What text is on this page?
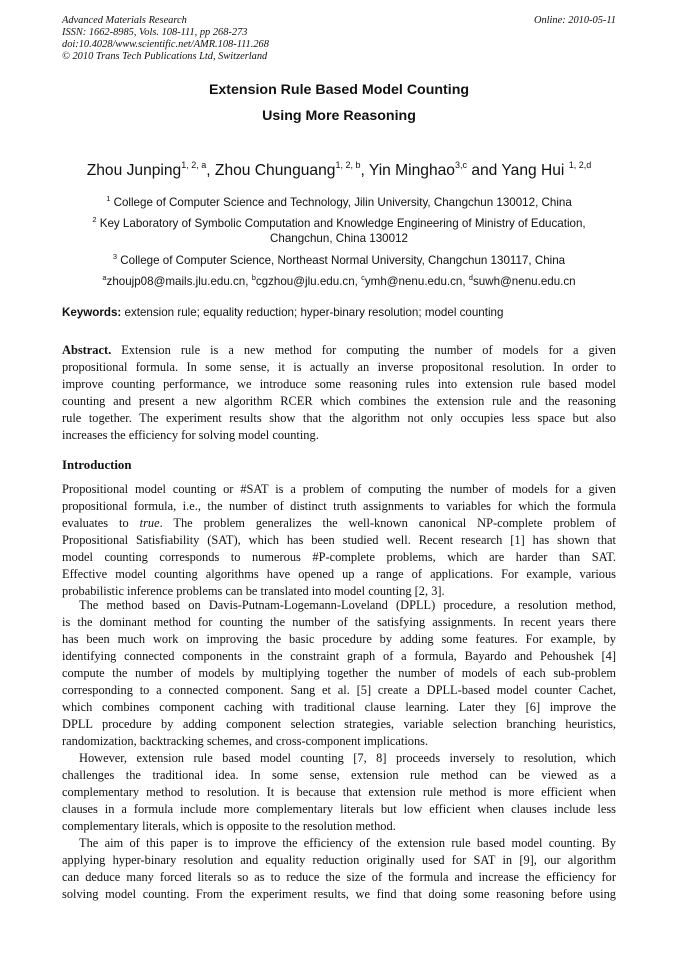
Advanced Materials Research	Online: 2010-05-11
ISSN: 1662-8985, Vols. 108-111, pp 268-273
doi:10.4028/www.scientific.net/AMR.108-111.268
© 2010 Trans Tech Publications Ltd, Switzerland
Extension Rule Based Model Counting
Using More Reasoning
Zhou Junping$^{1, 2, a}$, Zhou Chunguang$^{1, 2, b}$, Yin Minghao$^{3,c}$ and Yang Hui $^{1, 2,d}$
$^1$ College of Computer Science and Technology, Jilin University, Changchun 130012, China
$^2$ Key Laboratory of Symbolic Computation and Knowledge Engineering of Ministry of Education, Changchun, China 130012
$^3$ College of Computer Science, Northeast Normal University, Changchun 130117, China
$^a$zhoujp08@mails.jlu.edu.cn, $^b$cgzhou@jlu.edu.cn, $^c$ymh@nenu.edu.cn, $^d$suwh@nenu.edu.cn
Keywords: extension rule; equality reduction; hyper-binary resolution; model counting
Abstract. Extension rule is a new method for computing the number of models for a given
propositional formula. In some sense, it is actually an inverse propositonal resolution. In order to
improve counting performance, we introduce some reasoning rules into extension rule based model
counting and present a new algorithm RCER which combines the extension rule and the reasoning
rule together. The experiment results show that the algorithm not only occupies less space but also
increases the efficiency for solving model counting.
Introduction
Propositional model counting or #SAT is a problem of computing the number of models for a given
propositional formula, i.e., the number of distinct truth assignments to variables for which the formula
evaluates to true. The problem generalizes the well-known canonical NP-complete problem of
Propositional Satisfiability (SAT), which has been studied well. Recent research [1] has shown that
model counting corresponds to numerous #P-complete problems, which are harder than SAT.
Effective model counting algorithms have opened up a range of applications. For example, various
probabilistic inference problems can be translated into model counting [2, 3].
The method based on Davis-Putnam-Logemann-Loveland (DPLL) procedure, a resolution method,
is the dominant method for counting the number of the satisfying assignments. In recent years there
has been much work on improving the basic procedure by adding some features. For example, by
identifying connected components in the constraint graph of a formula, Bayardo and Pehoushek [4]
compute the number of models by multiplying together the number of models of each sub-problem
corresponding to a connected component. Sang et al. [5] create a DPLL-based model counter Cachet,
which combines component caching with traditional clause learning. Later they [6] improve the
DPLL procedure by adding component selection strategies, variable selection branching heuristics,
randomization, backtracking schemes, and cross-component implications.
However, extension rule based model counting [7, 8] proceeds inversely to resolution, which
challenges the traditional idea. In some sense, extension rule method can be viewed as a
complementary method to resolution. It is because that extension rule method is more efficient when
clauses in a formula include more complementary literals but low efficient when clauses include less
complementary literals, which is opposite to the resolution method.
The aim of this paper is to improve the efficiency of the extension rule based model counting. By
applying hyper-binary resolution and equality reduction originally used for SAT in [9], our algorithm
can deduce many forced literals so as to reduce the size of the formula and increase the efficiency for
solving model counting. From the experiment results, we find that doing some reasoning before using
